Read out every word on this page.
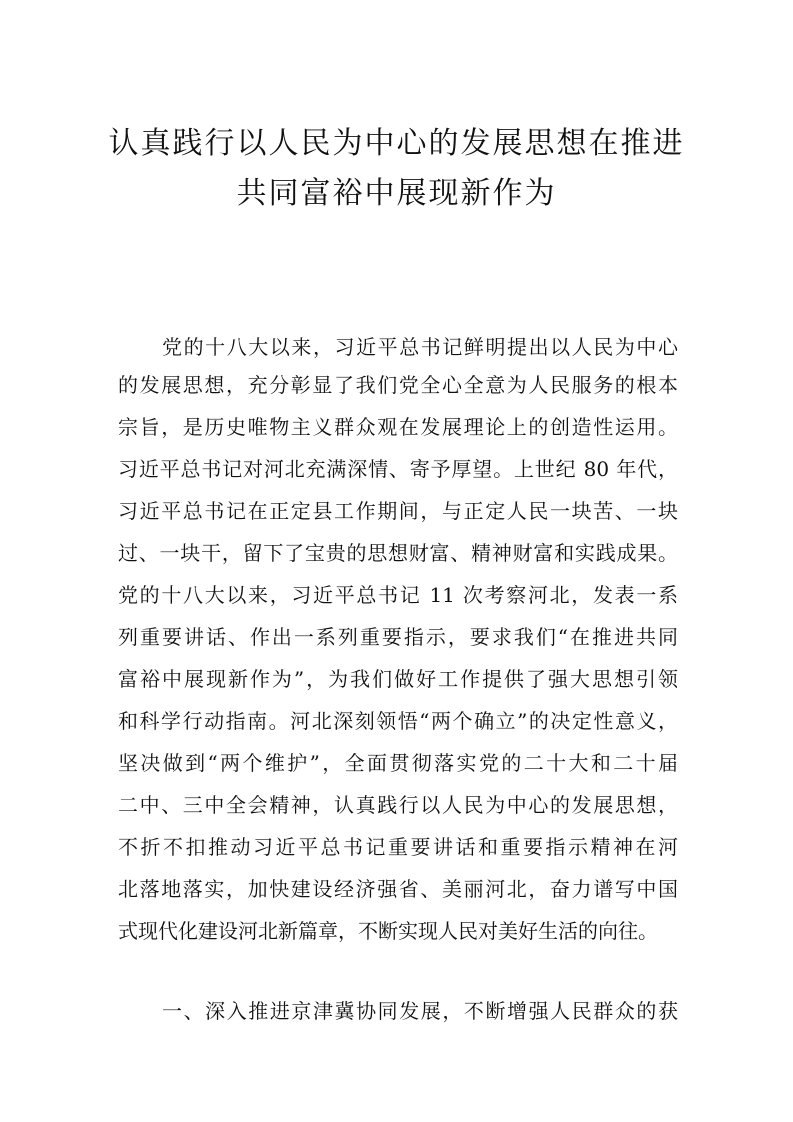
认真践行以人民为中心的发展思想在推进
共同富裕中展现新作为
党的十八大以来，习近平总书记鲜明提出以人民为中心
的发展思想，充分彰显了我们党全心全意为人民服务的根本
宗旨，是历史唯物主义群众观在发展理论上的创造性运用。
习近平总书记对河北充满深情、寄予厚望。上世纪 80 年代，
习近平总书记在正定县工作期间，与正定人民一块苦、一块
过、一块干，留下了宝贵的思想财富、精神财富和实践成果。
党的十八大以来，习近平总书记 11 次考察河北，发表一系
列重要讲话、作出一系列重要指示，要求我们“在推进共同
富裕中展现新作为”，为我们做好工作提供了强大思想引领
和科学行动指南。河北深刻领悟“两个确立”的决定性意义，
坚决做到“两个维护”，全面贯彻落实党的二十大和二十届
二中、三中全会精神，认真践行以人民为中心的发展思想，
不折不扣推动习近平总书记重要讲话和重要指示精神在河
北落地落实，加快建设经济强省、美丽河北，奋力谱写中国
式现代化建设河北新篇章，不断实现人民对美好生活的向往。
一、深入推进京津冀协同发展，不断增强人民群众的获
